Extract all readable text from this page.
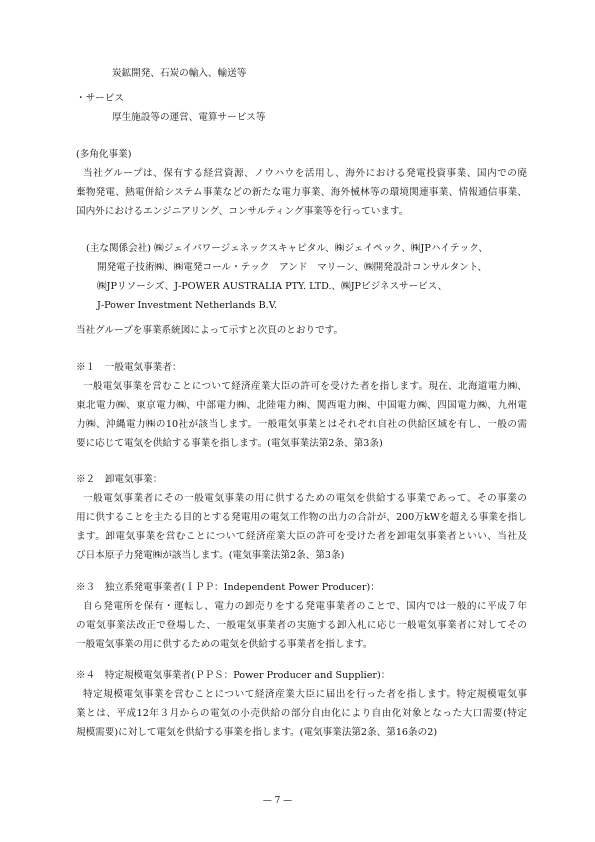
炭鉱開発、石炭の輸入、輸送等
・サービス
厚生施設等の運営、電算サービス等
(多角化事業)
当社グループは、保有する経営資源、ノウハウを活用し、海外における発電投資事業、国内での廃
棄物発電、熱電併給システム事業などの新たな電力事業、海外械林等の環境関連事業、情報通信事業、
国内外におけるエンジニアリング、コンサルティング事業等を行っています。
(主な関係会社) ㈱ジェイパワージェネックスキャピタル、㈱ジェイペック、㈱JPハイテック、
開発電子技術㈱、㈱電発コール・テック　アンド　マリーン、㈱開発設計コンサルタント、
㈱JPリソーシズ、J-POWER AUSTRALIA PTY. LTD.、㈱JPビジネスサービス、
J-Power Investment Netherlands B.V.
当社グループを事業系統図によって示すと次頁のとおりです。
※１　一般電気事業者：
一般電気事業を営むことについて経済産業大臣の許可を受けた者を指します。現在、北海道電力㈱、
東北電力㈱、東京電力㈱、中部電力㈱、北陸電力㈱、関西電力㈱、中国電力㈱、四国電力㈱、九州電
力㈱、沖縄電力㈱の10社が該当します。一般電気事業とはそれぞれ自社の供給区域を有し、一般の需
要に応じて電気を供給する事業を指します。(電気事業法第2条、第3条)
※２　卸電気事業：
一般電気事業者にその一般電気事業の用に供するための電気を供給する事業であって、その事業の
用に供することを主たる目的とする発電用の電気工作物の出力の合計が、200万kWを超える事業を指し
ます。卸電気事業を営むことについて経済産業大臣の許可を受けた者を卸電気事業者といい、当社及
び日本原子力発電㈱が該当します。(電気事業法第2条、第3条)
※３　独立系発電事業者(ＩＰＰ：Independent Power Producer)：
自ら発電所を保有・運転し、電力の卸売りをする発電事業者のことで、国内では一般的に平成７年
の電気事業法改正で登場した、一般電気事業者の実施する卸入札に応じ一般電気事業者に対してその
一般電気事業の用に供するための電気を供給する事業者を指します。
※４　特定規模電気事業者(ＰＰＳ：Power Producer and Supplier)：
特定規模電気事業を営むことについて経済産業大臣に届出を行った者を指します。特定規模電気事
業とは、平成12年３月からの電気の小売供給の部分自由化により自由化対象となった大口需要(特定
規模需要)に対して電気を供給する事業を指します。(電気事業法第2条、第16条の2)
— 7 —
